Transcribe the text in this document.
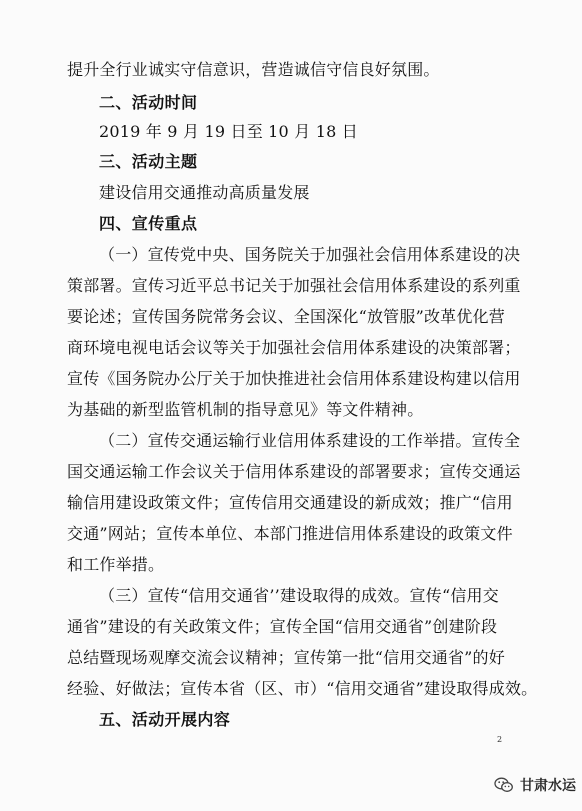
提升全行业诚实守信意识，营造诚信守信良好氛围。
二、活动时间
2019 年 9 月 19 日至 10 月 18 日
三、活动主题
建设信用交通推动高质量发展
四、宣传重点
（一）宣传党中央、国务院关于加强社会信用体系建设的决
策部署。宣传习近平总书记关于加强社会信用体系建设的系列重
要论述；宣传国务院常务会议、全国深化“放管服”改革优化营
商环境电视电话会议等关于加强社会信用体系建设的决策部署；
宣传《国务院办公厅关于加快推进社会信用体系建设构建以信用
为基础的新型监管机制的指导意见》等文件精神。
（二）宣传交通运输行业信用体系建设的工作举措。宣传全
国交通运输工作会议关于信用体系建设的部署要求；宣传交通运
输信用建设政策文件；宣传信用交通建设的新成效；推广“信用
交通”网站；宣传本单位、本部门推进信用体系建设的政策文件
和工作举措。
（三）宣传“信用交通省’’建设取得的成效。宣传“信用交
通省”建设的有关政策文件；宣传全国“信用交通省”创建阶段
总结暨现场观摩交流会议精神；宣传第一批“信用交通省”的好
经验、好做法；宣传本省（区、市）“信用交通省”建设取得成效。
五、活动开展内容
2
甘肃水运
